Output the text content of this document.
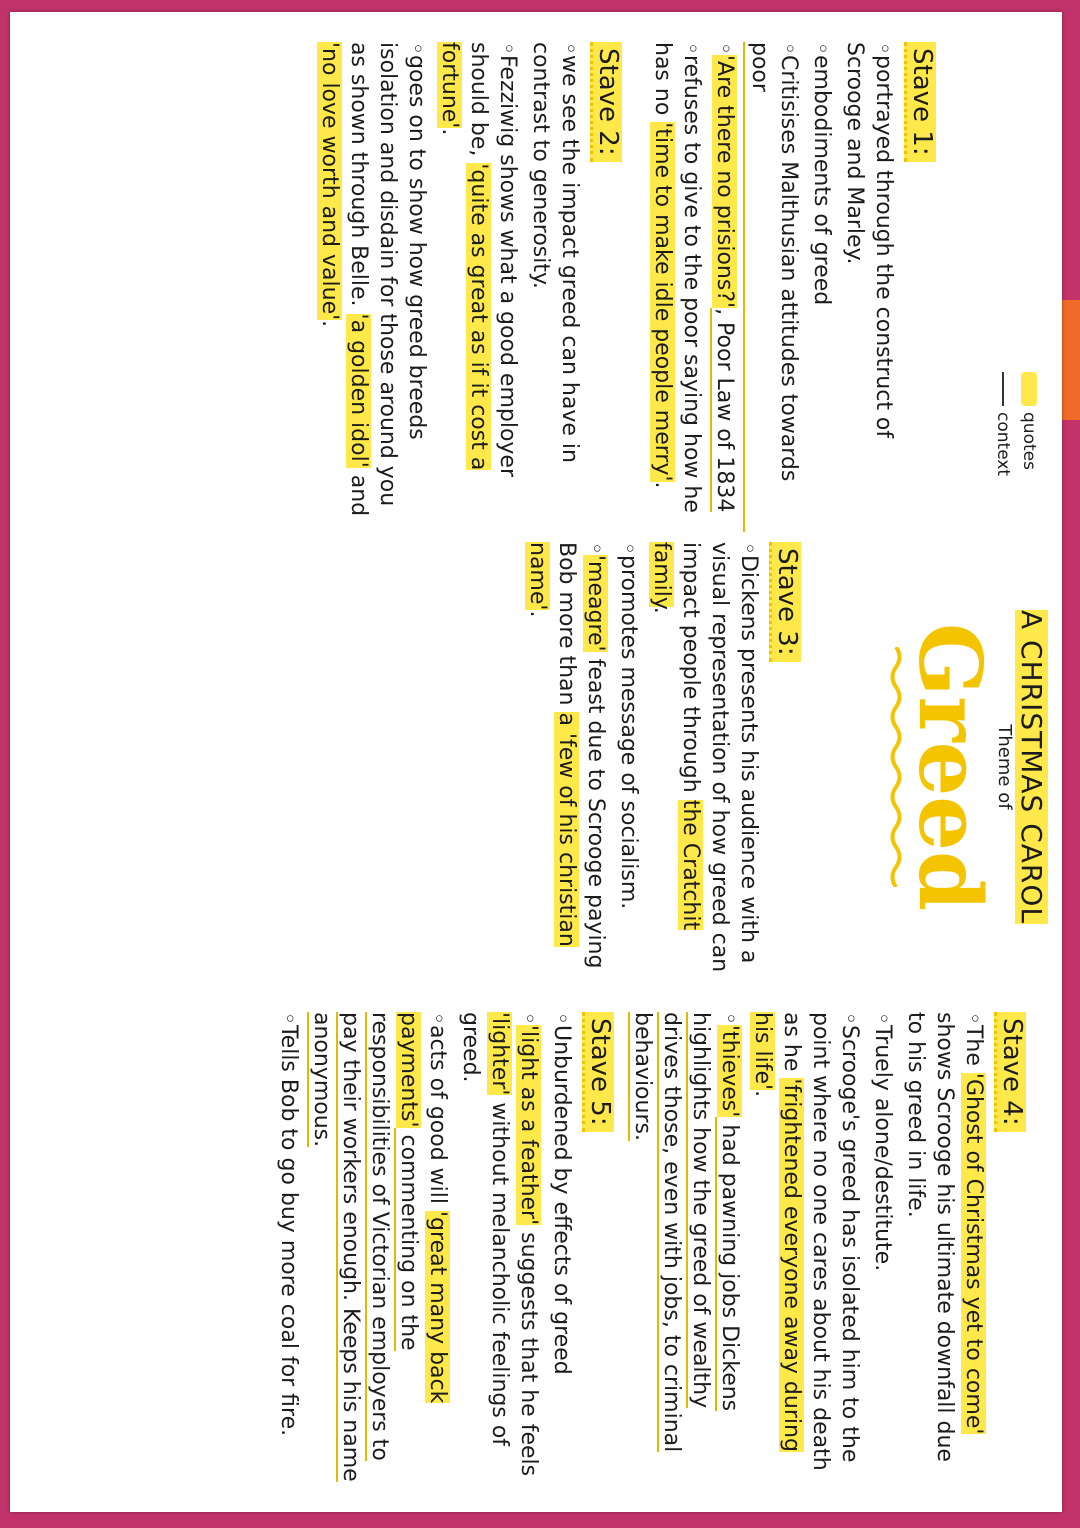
quotes
context
A CHRISTMAS CAROL
Theme of
Greed
Stave 1:
◦portrayed through the construct of Scrooge and Marley.
◦embodiments of greed
◦Critisises Malthusian attitudes towards poor
◦'Are there no prisions?', Poor Law of 1834
◦refuses to give to the poor saying how he has no 'time to make idle people merry'.
Stave 2:
◦we see the impact greed can have in contrast to generosity.
◦Fezziwig shows what a good employer should be, 'quite as great as if it cost a fortune'.
◦goes on to show how greed breeds isolation and disdain for those around you as shown through Belle. 'a golden idol' and 'no love worth and value'.
Stave 3:
◦Dickens presents his audience with a visual representation of how greed can impact people through the Cratchit family.
◦promotes message of socialism.
◦'meagre' feast due to Scrooge paying Bob more than a 'few of his christian name'.
Stave 4:
◦The 'Ghost of Christmas yet to come' shows Scrooge his ultimate downfall due to his greed in life.
◦Truely alone/destitute.
◦Scrooge's greed has isolated him to the point where no one cares about his death as he 'frightened everyone away during his life'.
◦'thieves' had pawning jobs Dickens highlights how the greed of wealthy drives those, even with jobs, to criminal behaviours.
Stave 5:
◦Unburdened by effects of greed
◦'light as a feather' suggests that he feels 'lighter' without melancholic feelings of greed.
◦acts of good will 'great many back payments' commenting on the responsibilities of Victorian employers to pay their workers enough. Keeps his name anonymous.
◦Tells Bob to go buy more coal for fire.
